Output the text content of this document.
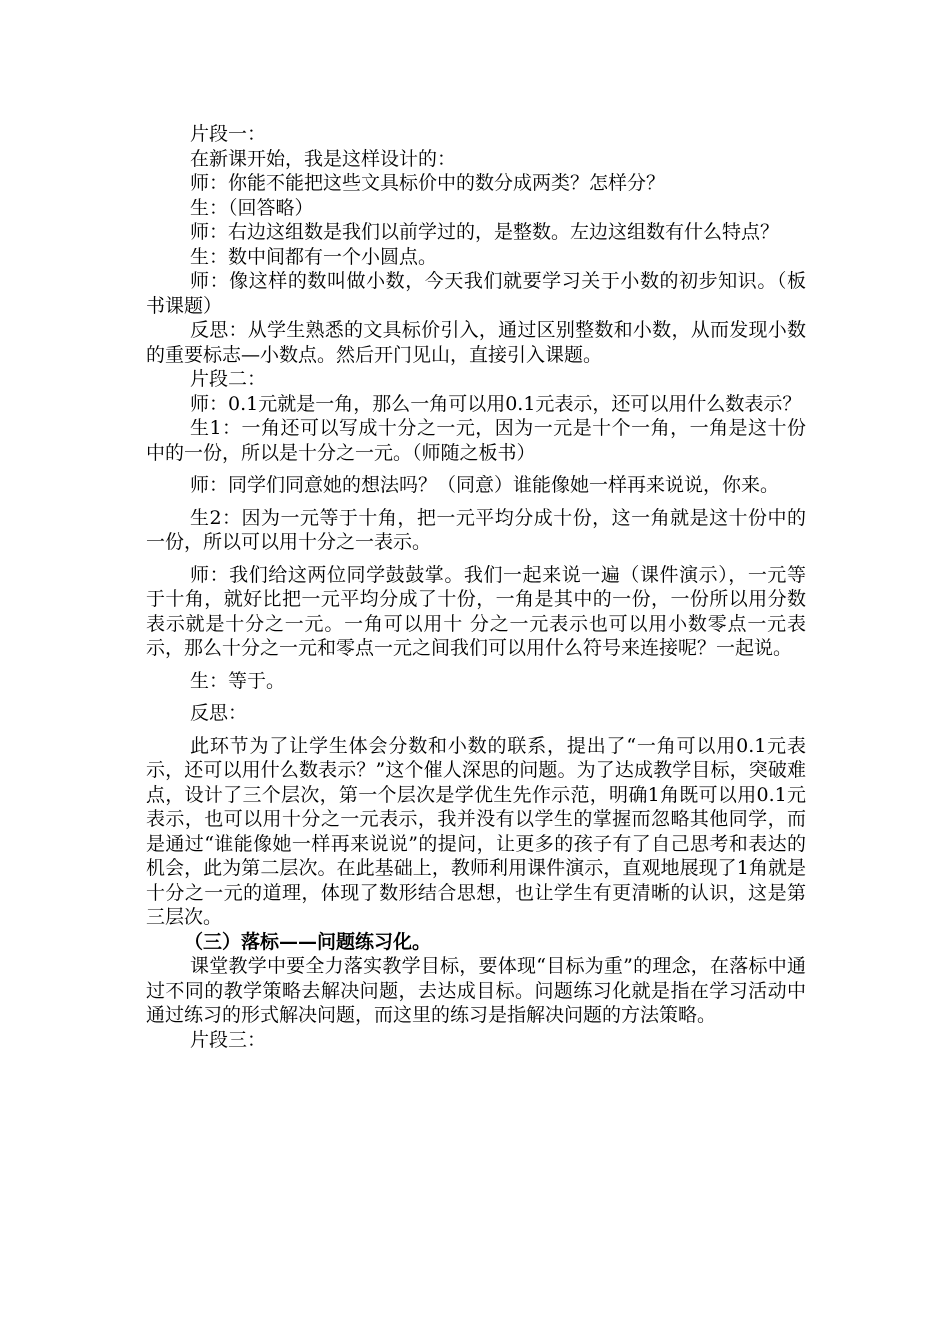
片段一：

在新课开始，我是这样设计的：

师：你能不能把这些文具标价中的数分成两类？怎样分？

生：（回答略）

师：右边这组数是我们以前学过的，是整数。左边这组数有什么特点？

生：数中间都有一个小圆点。

师：像这样的数叫做小数，今天我们就要学习关于小数的初步知识。（板书课题）

反思：从学生熟悉的文具标价引入，通过区别整数和小数，从而发现小数的重要标志—小数点。然后开门见山，直接引入课题。

片段二：

师：0.1元就是一角，那么一角可以用0.1元表示，还可以用什么数表示？

生1：一角还可以写成十分之一元，因为一元是十个一角，一角是这十份中的一份，所以是十分之一元。（师随之板书）

师：同学们同意她的想法吗？（同意）谁能像她一样再来说说，你来。

生2：因为一元等于十角，把一元平均分成十份，这一角就是这十份中的一份，所以可以用十分之一表示。

师：我们给这两位同学鼓鼓掌。我们一起来说一遍（课件演示），一元等于十角，就好比把一元平均分成了十份，一角是其中的一份，一份所以用分数表示就是十分之一元。一角可以用十 分之一元表示也可以用小数零点一元表示，那么十分之一元和零点一元之间我们可以用什么符号来连接呢？一起说。

生：等于。

反思：

此环节为了让学生体会分数和小数的联系，提出了“一角可以用0.1元表示，还可以用什么数表示？”这个催人深思的问题。为了达成教学目标，突破难点，设计了三个层次，第一个层次是学优生先作示范，明确1角既可以用0.1元表示，也可以用十分之一元表示，我并没有以学生的掌握而忽略其他同学，而是通过“谁能像她一样再来说说”的提问，让更多的孩子有了自己思考和表达的机会，此为第二层次。在此基础上，教师利用课件演示，直观地展现了1角就是十分之一元的道理，体现了数形结合思想，也让学生有更清晰的认识，这是第三层次。

（三）落标——问题练习化。

课堂教学中要全力落实教学目标，要体现“目标为重”的理念，在落标中通过不同的教学策略去解决问题，去达成目标。问题练习化就是指在学习活动中通过练习的形式解决问题，而这里的练习是指解决问题的方法策略。

片段三：
